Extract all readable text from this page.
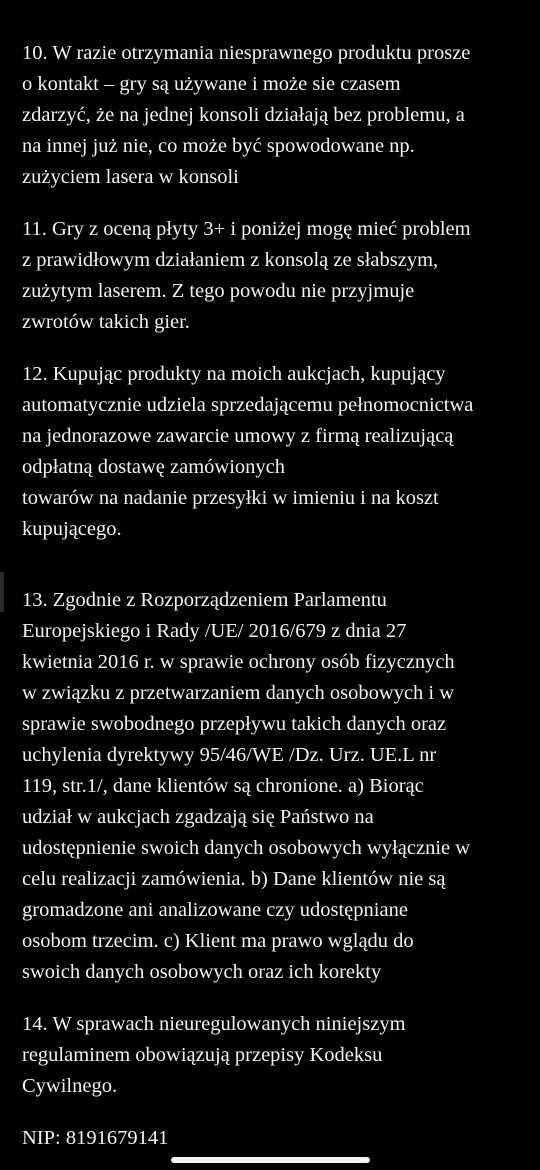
10. W razie otrzymania niesprawnego produktu prosze
o kontakt – gry są używane i może sie czasem
zdarzyć, że na jednej konsoli działają bez problemu, a
na innej już nie, co może być spowodowane np.
zużyciem lasera w konsoli

11. Gry z oceną płyty 3+ i poniżej mogę mieć problem
z prawidłowym działaniem z konsolą ze słabszym,
zużytym laserem. Z tego powodu nie przyjmuje
zwrotów takich gier.

12. Kupując produkty na moich aukcjach, kupujący
automatycznie udziela sprzedającemu pełnomocnictwa
na jednorazowe zawarcie umowy z firmą realizującą
odpłatną dostawę zamówionych
towarów na nadanie przesyłki w imieniu i na koszt
kupującego.

13. Zgodnie z Rozporządzeniem Parlamentu
Europejskiego i Rady /UE/ 2016/679 z dnia 27
kwietnia 2016 r. w sprawie ochrony osób fizycznych
w związku z przetwarzaniem danych osobowych i w
sprawie swobodnego przepływu takich danych oraz
uchylenia dyrektywy 95/46/WE /Dz. Urz. UE.L nr
119, str.1/, dane klientów są chronione. a) Biorąc
udział w aukcjach zgadzają się Państwo na
udostępnienie swoich danych osobowych wyłącznie w
celu realizacji zamówienia. b) Dane klientów nie są
gromadzone ani analizowane czy udostępniane
osobom trzecim. c) Klient ma prawo wglądu do
swoich danych osobowych oraz ich korekty

14. W sprawach nieuregulowanych niniejszym
regulaminem obowiązują przepisy Kodeksu
Cywilnego.

NIP: 8191679141
